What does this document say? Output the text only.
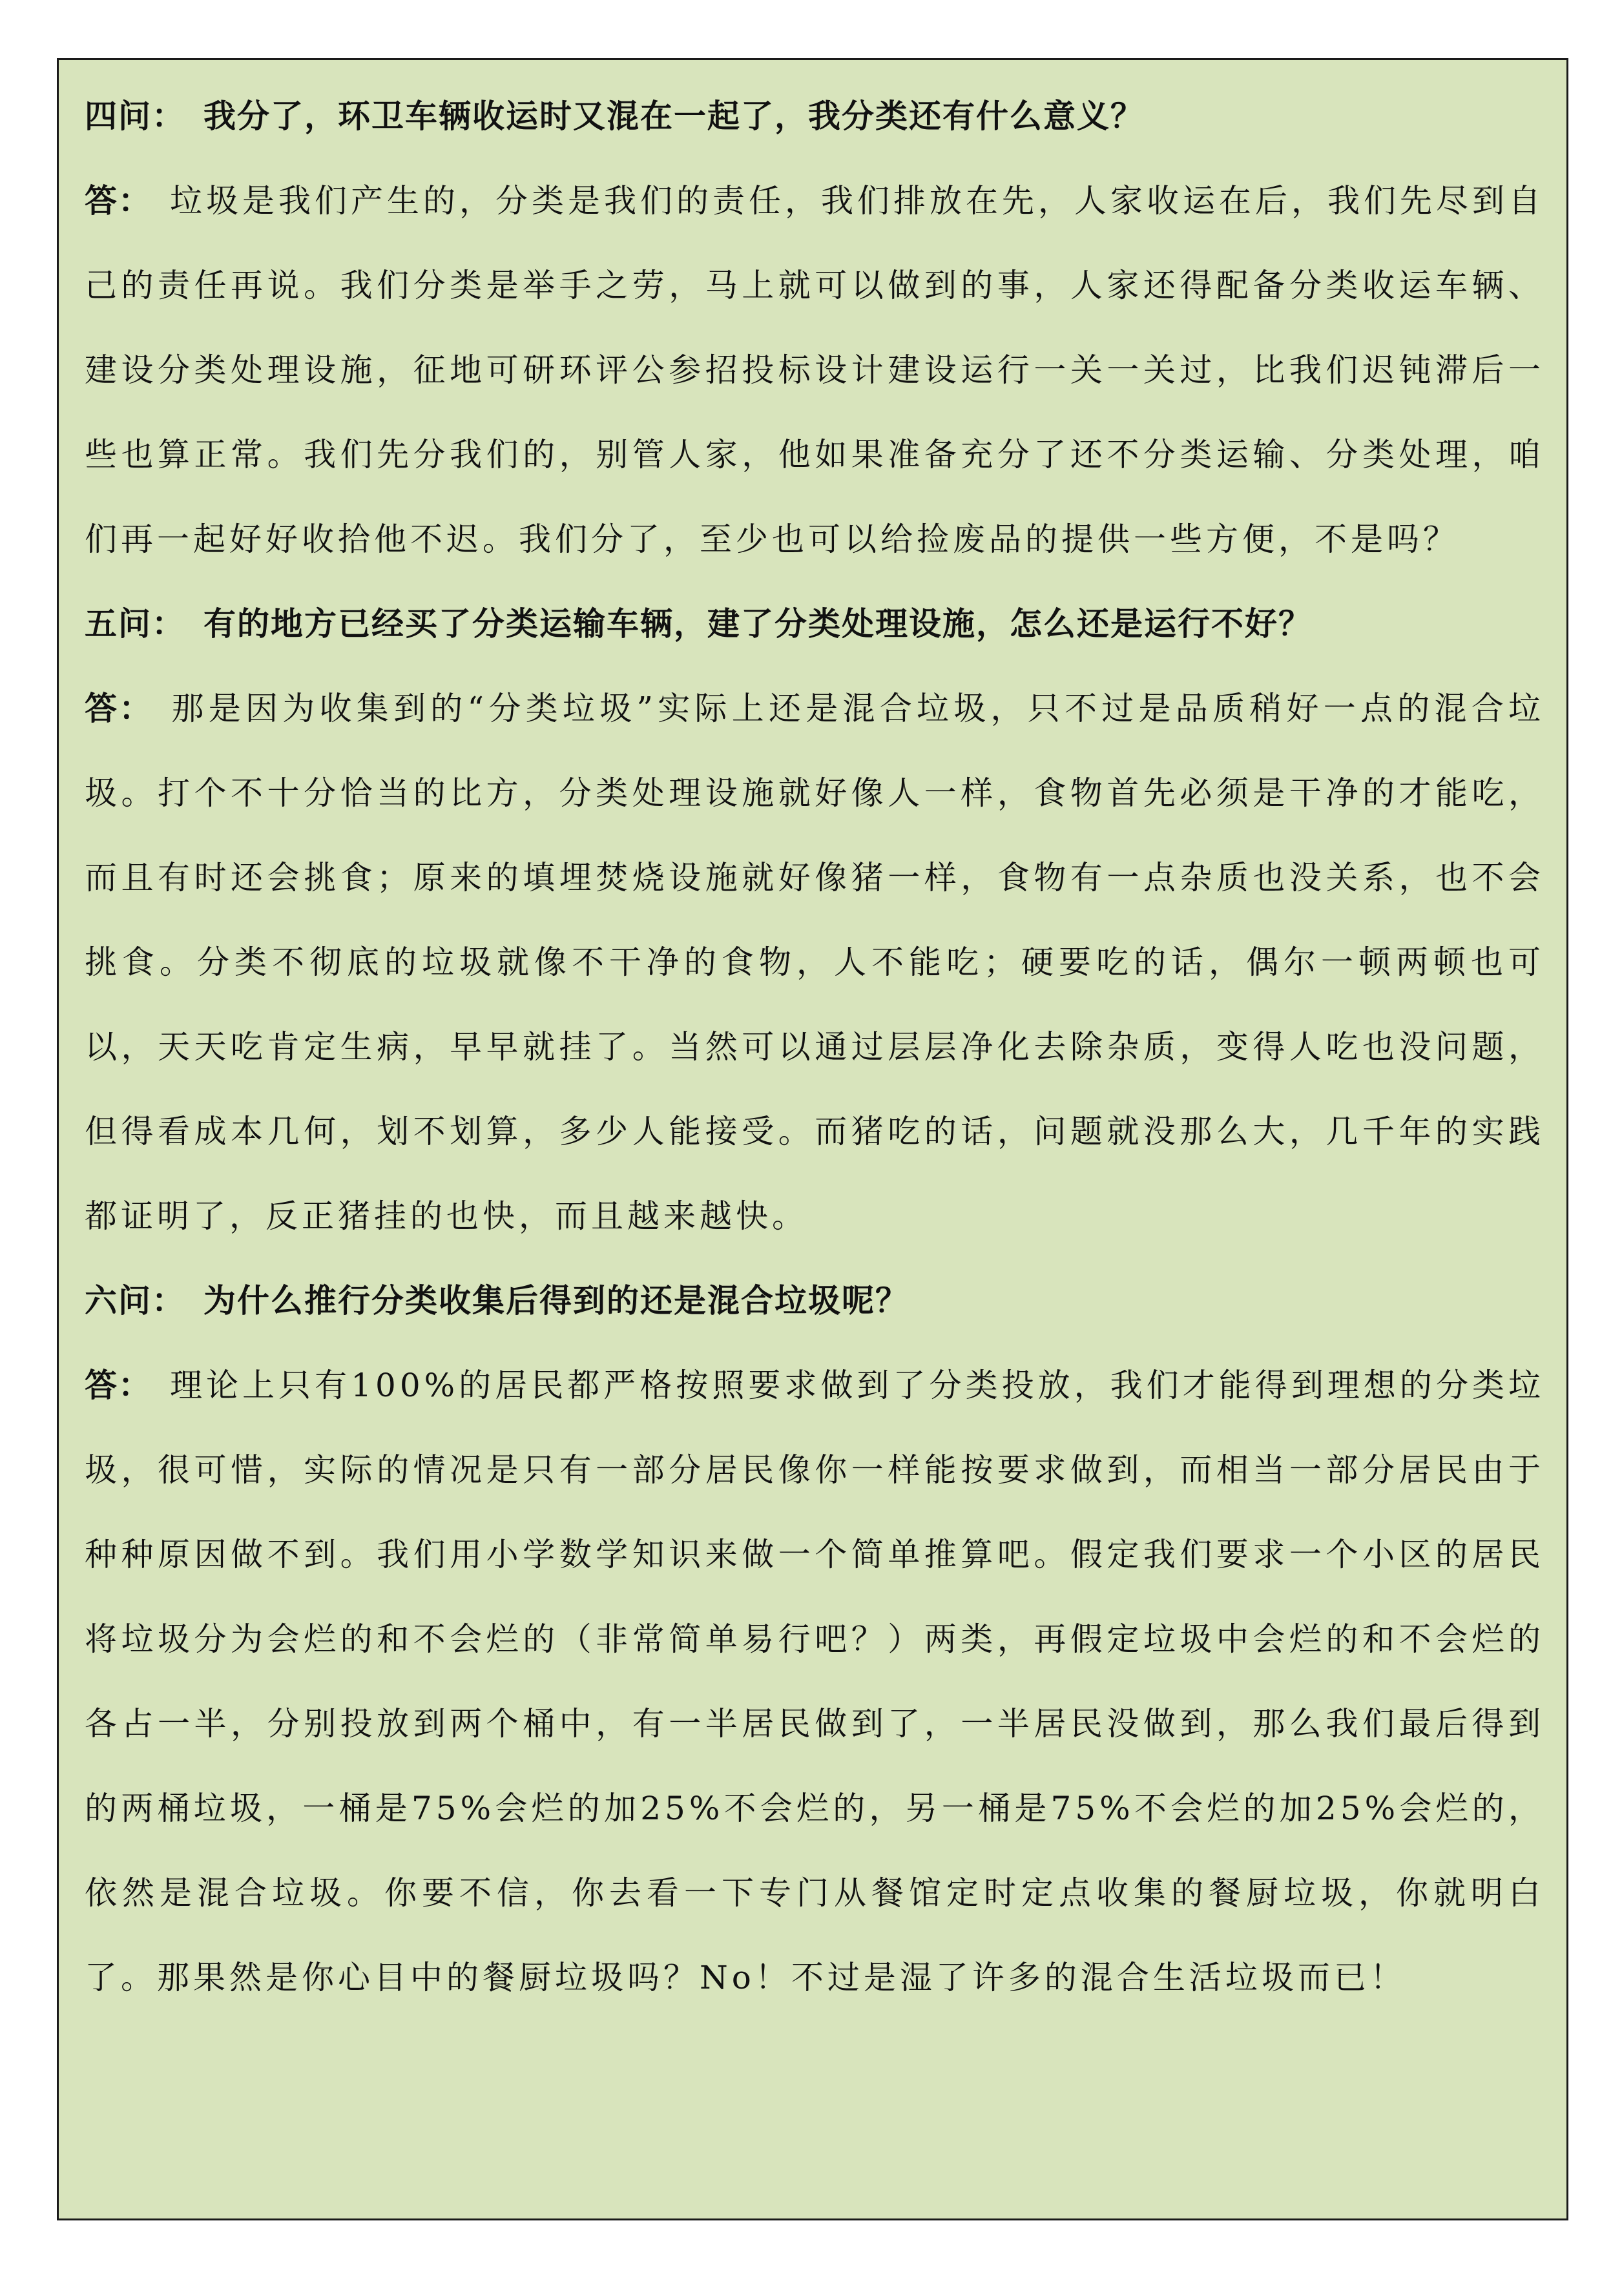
四问： 我分了，环卫车辆收运时又混在一起了，我分类还有什么意义？

答： 垃圾是我们产生的，分类是我们的责任，我们排放在先，人家收运在后，我们先尽到自己的责任再说。我们分类是举手之劳，马上就可以做到的事，人家还得配备分类收运车辆、建设分类处理设施，征地可研环评公参招投标设计建设运行一关一关过，比我们迟钝滞后一些也算正常。我们先分我们的，别管人家，他如果准备充分了还不分类运输、分类处理，咱们再一起好好收拾他不迟。我们分了，至少也可以给捡废品的提供一些方便，不是吗？

五问： 有的地方已经买了分类运输车辆，建了分类处理设施，怎么还是运行不好？

答： 那是因为收集到的“分类垃圾”实际上还是混合垃圾，只不过是品质稍好一点的混合垃圾。打个不十分恰当的比方，分类处理设施就好像人一样，食物首先必须是干净的才能吃，而且有时还会挑食；原来的填埋焚烧设施就好像猪一样，食物有一点杂质也没关系，也不会挑食。分类不彻底的垃圾就像不干净的食物，人不能吃；硬要吃的话，偶尔一顿两顿也可以，天天吃肯定生病，早早就挂了。当然可以通过层层净化去除杂质，变得人吃也没问题，但得看成本几何，划不划算，多少人能接受。而猪吃的话，问题就没那么大，几千年的实践都证明了，反正猪挂的也快，而且越来越快。

六问： 为什么推行分类收集后得到的还是混合垃圾呢？

答： 理论上只有100%的居民都严格按照要求做到了分类投放，我们才能得到理想的分类垃圾，很可惜，实际的情况是只有一部分居民像你一样能按要求做到，而相当一部分居民由于种种原因做不到。我们用小学数学知识来做一个简单推算吧。假定我们要求一个小区的居民将垃圾分为会烂的和不会烂的（非常简单易行吧？）两类，再假定垃圾中会烂的和不会烂的各占一半，分别投放到两个桶中，有一半居民做到了，一半居民没做到，那么我们最后得到的两桶垃圾，一桶是75%会烂的加25%不会烂的，另一桶是75%不会烂的加25%会烂的，依然是混合垃圾。你要不信，你去看一下专门从餐馆定时定点收集的餐厨垃圾，你就明白了。那果然是你心目中的餐厨垃圾吗？No！不过是湿了许多的混合生活垃圾而已！
